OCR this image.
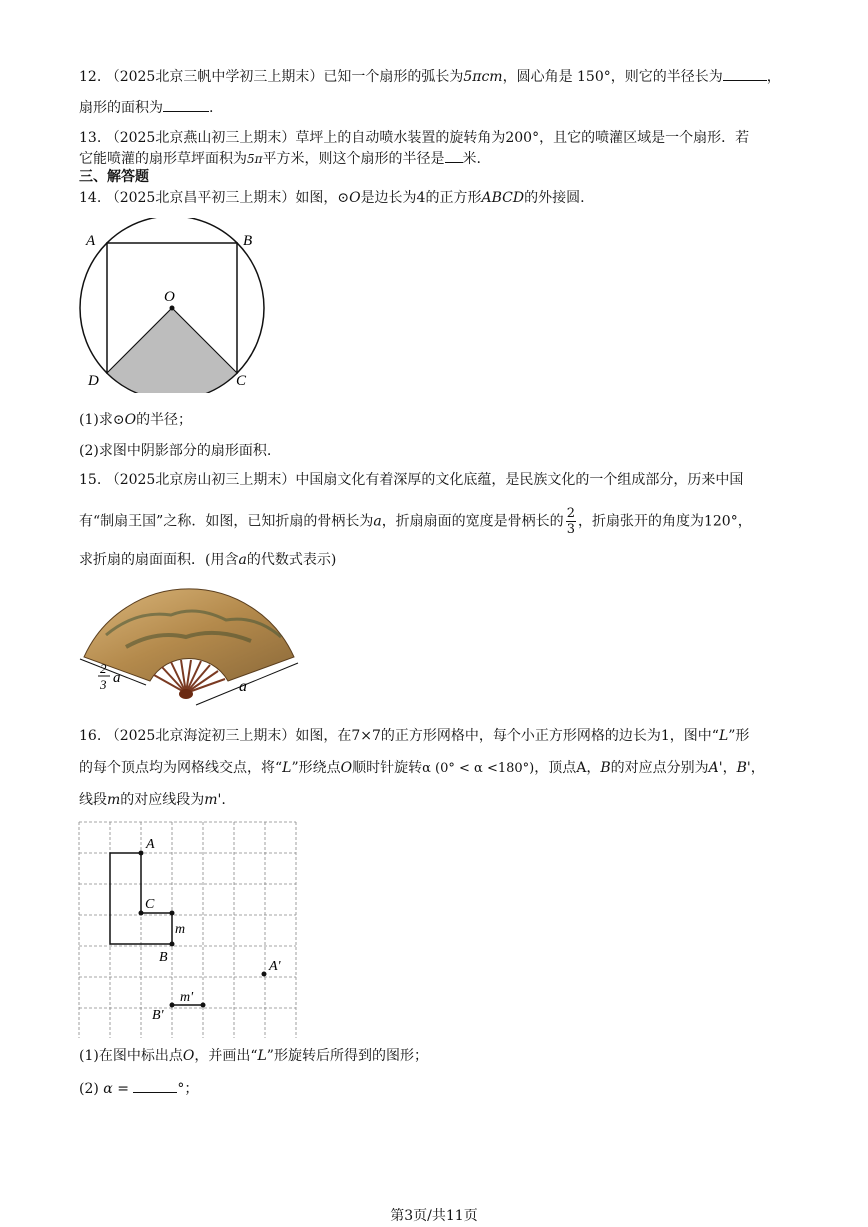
12. （2025北京三帆中学初三上期末）已知一个扇形的弧长为5πcm，圆心角是 150°，则它的半径长为	，
扇形的面积为	.
13. （2025北京燕山初三上期末）草坪上的自动喷水装置的旋转角为200°，且它的喷灌区域是一个扇形．若
它能喷灌的扇形草坪面积为5π平方米，则这个扇形的半径是 米.
三、解答题
14. （2025北京昌平初三上期末）如图，⊙O是边长为4的正方形ABCD的外接圆.
A	B
C
D
O
(1)求⊙O的半径；
(2)求图中阴影部分的扇形面积.
15. （2025北京房山初三上期末）中国扇文化有着深厚的文化底蕴，是民族文化的一个组成部分，历来中国
有“制扇王国”之称．如图，已知折扇的骨柄长为a，折扇扇面的宽度是骨柄长的 $\frac{2}{3}$ ，折扇张开的角度为120°，
求折扇的扇面面积．(用含a的代数式表示)
2
3 a	a
16. （2025北京海淀初三上期末）如图，在7×7的正方形网格中，每个小正方形网格的边长为1，图中“L”形
的每个顶点均为网格线交点，将“L”形绕点O顺时针旋转α (0° < α <180°)，顶点A，B的对应点分别为A'，B'，
线段m的对应线段为m'.
A
C
m
B
A'
m'
B'
(1)在图中标出点O，并画出“L”形旋转后所得到的图形；
(2) α =	°；
第3页/共11页
